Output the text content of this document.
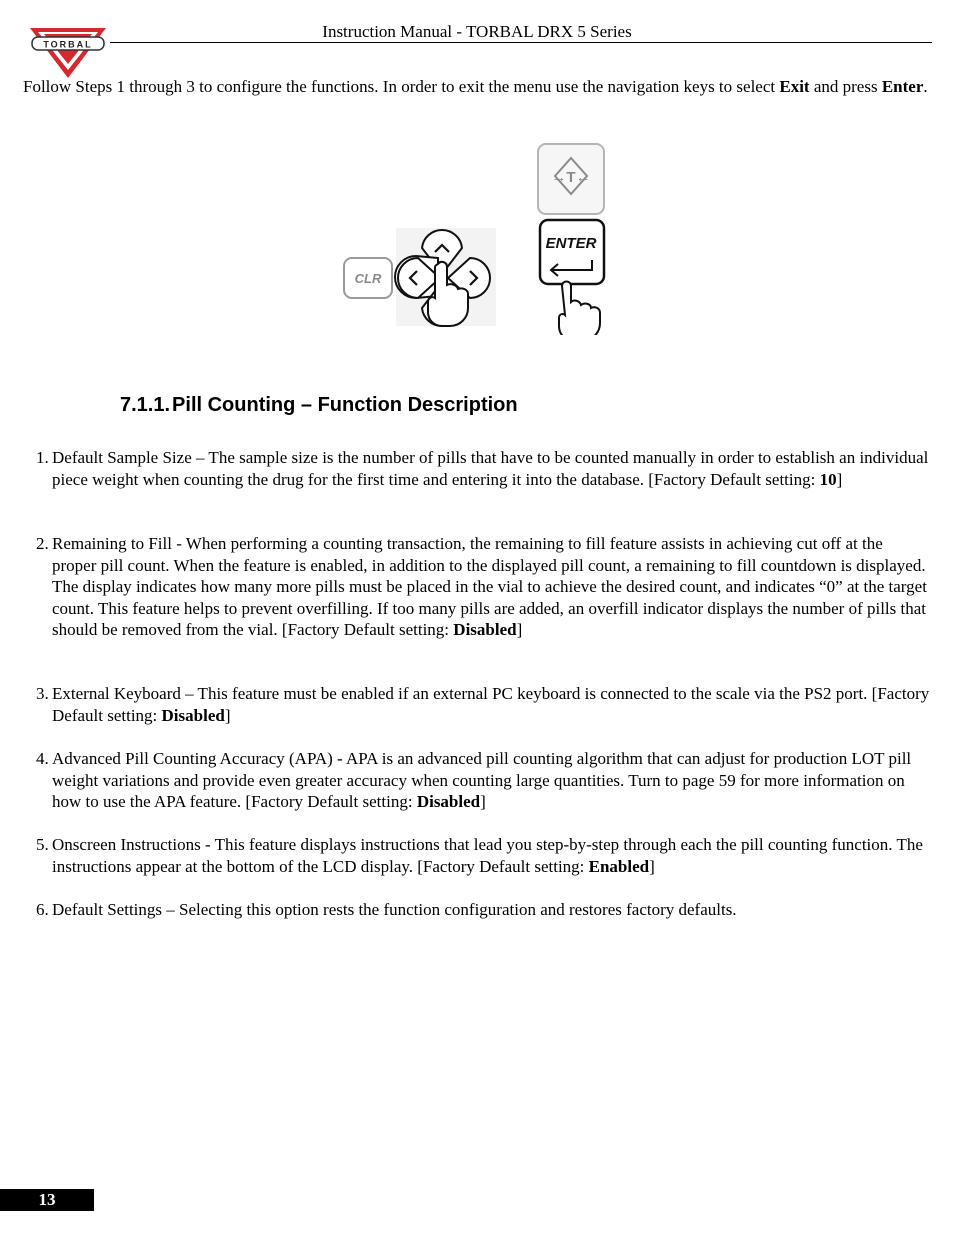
TORBAL
Instruction Manual - TORBAL DRX 5 Series

Follow Steps 1 through 3 to configure the functions. In order to exit the menu use the navigation keys to select Exit and press Enter.

CLR
→T←
ENTER
7.1.1. Pill Counting – Function Description
1. Default Sample Size – The sample size is the number of pills that have to be counted manually in order to establish an individual piece weight when counting the drug for the first time and entering it into the database. [Factory Default setting: 10]
2. Remaining to Fill - When performing a counting transaction, the remaining to fill feature assists in achieving cut off at the proper pill count. When the feature is enabled, in addition to the displayed pill count, a remaining to fill countdown is displayed. The display indicates how many more pills must be placed in the vial to achieve the desired count, and indicates “0” at the target count. This feature helps to prevent overfilling. If too many pills are added, an overfill indicator displays the number of pills that should be removed from the vial. [Factory Default setting: Disabled]
3. External Keyboard – This feature must be enabled if an external PC keyboard is connected to the scale via the PS2 port. [Factory Default setting: Disabled]
4. Advanced Pill Counting Accuracy (APA) - APA is an advanced pill counting algorithm that can adjust for production LOT pill weight variations and provide even greater accuracy when counting large quantities. Turn to page 59 for more information on how to use the APA feature. [Factory Default setting: Disabled]
5. Onscreen Instructions - This feature displays instructions that lead you step-by-step through each the pill counting function. The instructions appear at the bottom of the LCD display. [Factory Default setting: Enabled]
6. Default Settings – Selecting this option rests the function configuration and restores factory defaults.
13
